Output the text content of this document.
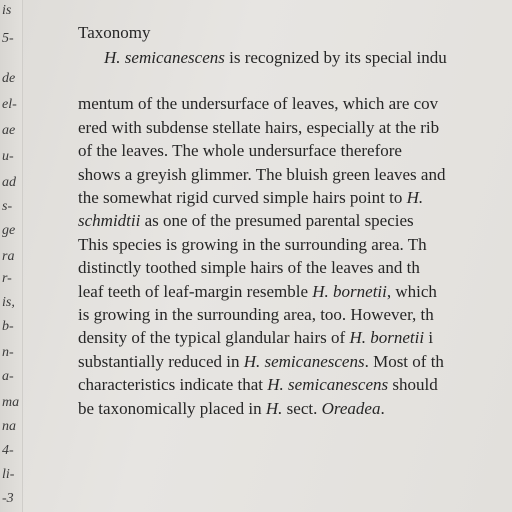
is
5-
de
el-
ae
u-
ad
s-
ge
ra
r-
is,
b-
n-
a-
ma
na
4-
li-
-3
Taxonomy
H. semicanescens is recognized by its special indu
mentum of the undersurface of leaves, which are cov
ered with subdense stellate hairs, especially at the rib
of the leaves. The whole undersurface therefore
shows a greyish glimmer. The bluish green leaves and
the somewhat rigid curved simple hairs point to H.
schmidtii as one of the presumed parental species
This species is growing in the surrounding area. Th
distinctly toothed simple hairs of the leaves and th
leaf teeth of leaf-margin resemble H. bornetii, which
is growing in the surrounding area, too. However, th
density of the typical glandular hairs of H. bornetii i
substantially reduced in H. semicanescens. Most of th
characteristics indicate that H. semicanescens should
be taxonomically placed in H. sect. Oreadea.
